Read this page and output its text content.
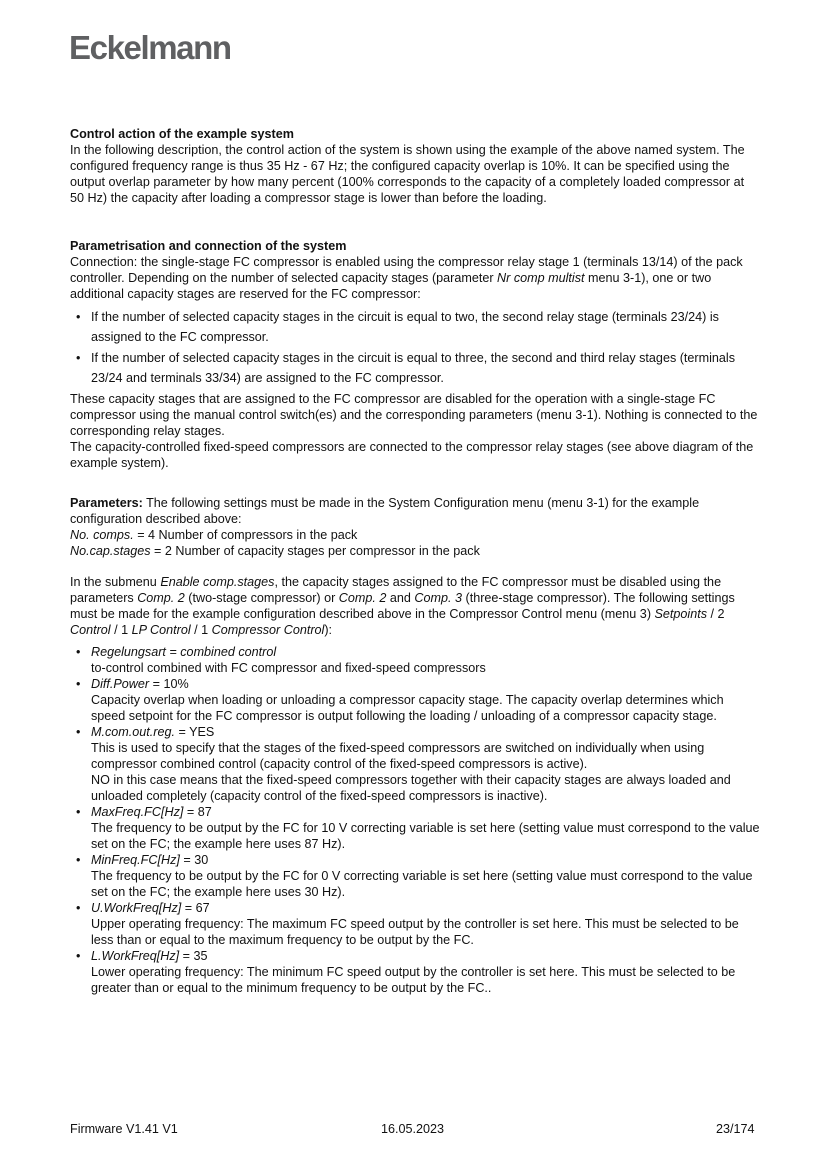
Eckelmann
Control action of the example system
In the following description, the control action of the system is shown using the example of the above named system. The configured frequency range is thus 35 Hz - 67 Hz; the configured capacity overlap is 10%. It can be specified using the output overlap parameter by how many percent (100% corresponds to the capacity of a completely loaded compressor at 50 Hz) the capacity after loading a compressor stage is lower than before the loading.
Parametrisation and connection of the system
Connection: the single-stage FC compressor is enabled using the compressor relay stage 1 (terminals 13/14) of the pack controller. Depending on the number of selected capacity stages (parameter Nr comp multist menu 3-1), one or two additional capacity stages are reserved for the FC compressor:
• If the number of selected capacity stages in the circuit is equal to two, the second relay stage (terminals 23/24) is assigned to the FC compressor.
• If the number of selected capacity stages in the circuit is equal to three, the second and third relay stages (terminals 23/24 and terminals 33/34) are assigned to the FC compressor.
These capacity stages that are assigned to the FC compressor are disabled for the operation with a single-stage FC compressor using the manual control switch(es) and the corresponding parameters (menu 3-1). Nothing is connected to the corresponding relay stages.
The capacity-controlled fixed-speed compressors are connected to the compressor relay stages (see above diagram of the example system).
Parameters: The following settings must be made in the System Configuration menu (menu 3-1) for the example configuration described above:
No. comps. = 4 Number of compressors in the pack
No.cap.stages = 2 Number of capacity stages per compressor in the pack
In the submenu Enable comp.stages, the capacity stages assigned to the FC compressor must be disabled using the parameters Comp. 2 (two-stage compressor) or Comp. 2 and Comp. 3 (three-stage compressor). The following settings must be made for the example configuration described above in the Compressor Control menu (menu 3) Setpoints / 2 Control / 1 LP Control / 1 Compressor Control):
• Regelungsart = combined control
to-control combined with FC compressor and fixed-speed compressors
• Diff.Power = 10%
Capacity overlap when loading or unloading a compressor capacity stage. The capacity overlap determines which speed setpoint for the FC compressor is output following the loading / unloading of a compressor capacity stage.
• M.com.out.reg. = YES
This is used to specify that the stages of the fixed-speed compressors are switched on individually when using compressor combined control (capacity control of the fixed-speed compressors is active).
NO in this case means that the fixed-speed compressors together with their capacity stages are always loaded and unloaded completely (capacity control of the fixed-speed compressors is inactive).
• MaxFreq.FC[Hz] = 87
The frequency to be output by the FC for 10 V correcting variable is set here (setting value must correspond to the value set on the FC; the example here uses 87 Hz).
• MinFreq.FC[Hz] = 30
The frequency to be output by the FC for 0 V correcting variable is set here (setting value must correspond to the value set on the FC; the example here uses 30 Hz).
• U.WorkFreq[Hz] = 67
Upper operating frequency: The maximum FC speed output by the controller is set here. This must be selected to be less than or equal to the maximum frequency to be output by the FC.
• L.WorkFreq[Hz] = 35
Lower operating frequency: The minimum FC speed output by the controller is set here. This must be selected to be greater than or equal to the minimum frequency to be output by the FC..
Firmware V1.41 V1	16.05.2023	23/174
